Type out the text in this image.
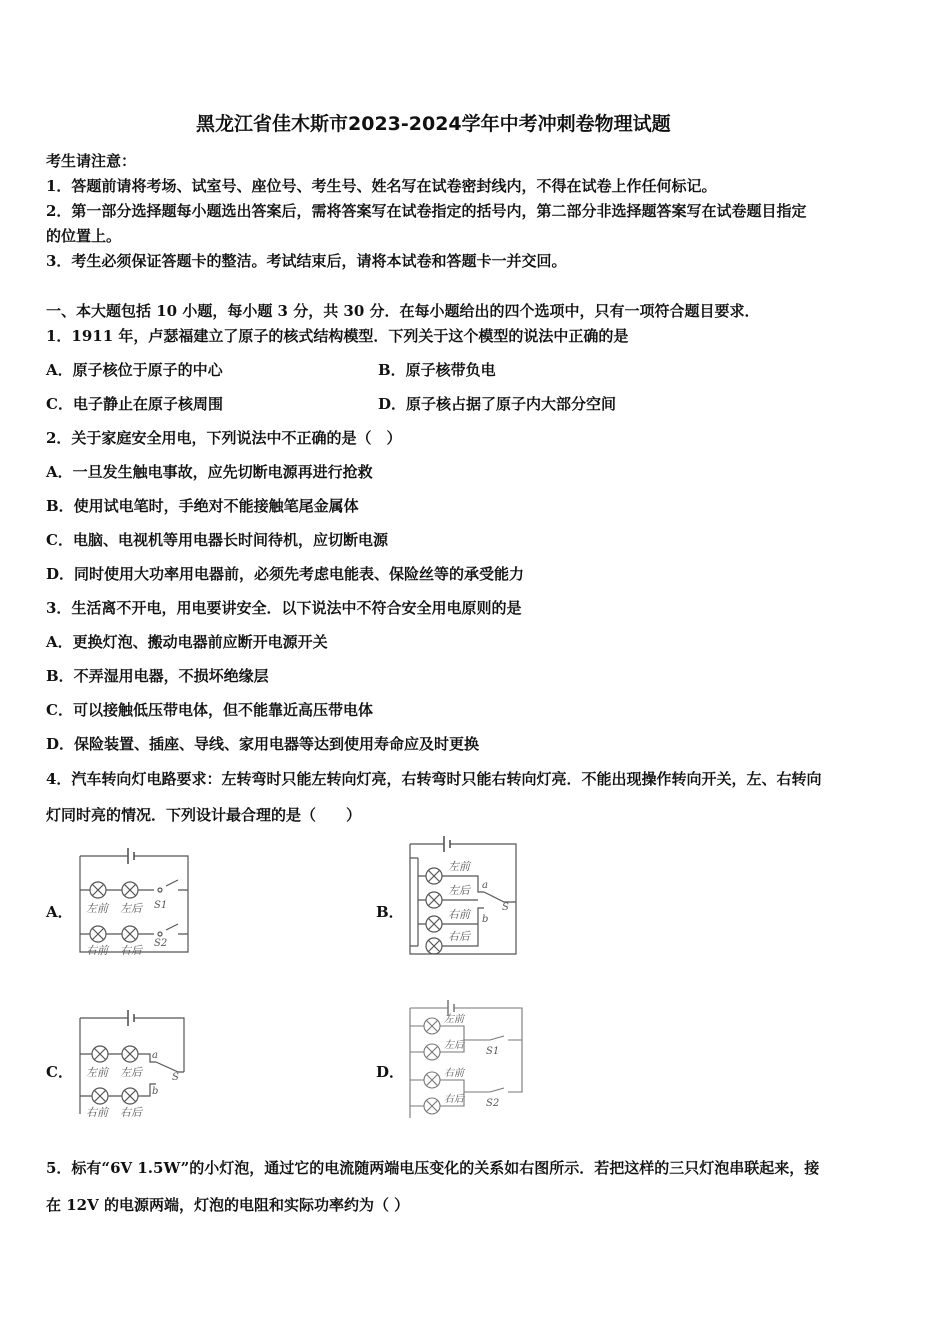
黑龙江省佳木斯市2023-2024学年中考冲刺卷物理试题
考生请注意：
1．答题前请将考场、试室号、座位号、考生号、姓名写在试卷密封线内，不得在试卷上作任何标记。
2．第一部分选择题每小题选出答案后，需将答案写在试卷指定的括号内，第二部分非选择题答案写在试卷题目指定
的位置上。
3．考生必须保证答题卡的整洁。考试结束后，请将本试卷和答题卡一并交回。
一、本大题包括 10 小题，每小题 3 分，共 30 分．在每小题给出的四个选项中，只有一项符合题目要求．
1．1911 年，卢瑟福建立了原子的核式结构模型．下列关于这个模型的说法中正确的是
A．原子核位于原子的中心	B．原子核带负电
C．电子静止在原子核周围	D．原子核占据了原子内大部分空间
2．关于家庭安全用电，下列说法中不正确的是（　）
A．一旦发生触电事故，应先切断电源再进行抢救
B．使用试电笔时，手绝对不能接触笔尾金属体
C．电脑、电视机等用电器长时间待机，应切断电源
D．同时使用大功率用电器前，必须先考虑电能表、保险丝等的承受能力
3．生活离不开电，用电要讲安全．以下说法中不符合安全用电原则的是
A．更换灯泡、搬动电器前应断开电源开关
B．不弄湿用电器，不损坏绝缘层
C．可以接触低压带电体，但不能靠近高压带电体
D．保险装置、插座、导线、家用电器等达到使用寿命应及时更换
4．汽车转向灯电路要求：左转弯时只能左转向灯亮，右转弯时只能右转向灯亮．不能出现操作转向开关，左、右转向
灯同时亮的情况．下列设计最合理的是（　　）
A．	B．
C．	D．
左前 左后 S1
右前 右后
S2
左前
左后 a
S
右前 b
右后
左前 左后
a
S
b
右前 右后
左前
左后
S1
右前
右后 S2
5．标有“6V 1.5W”的小灯泡，通过它的电流随两端电压变化的关系如右图所示．若把这样的三只灯泡串联起来，接
在 12V 的电源两端，灯泡的电阻和实际功率约为（ ）
